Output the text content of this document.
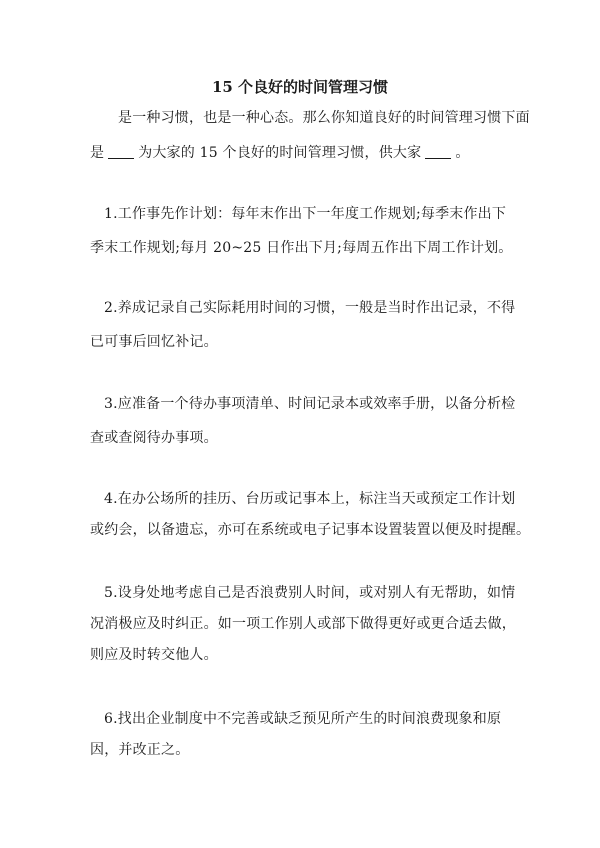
15 个良好的时间管理习惯
是一种习惯，也是一种心态。那么你知道良好的时间管理习惯下面
是 为大家的 15 个良好的时间管理习惯，供大家 。
1.工作事先作计划：每年末作出下一年度工作规划;每季末作出下
季末工作规划;每月 20~25 日作出下月;每周五作出下周工作计划。
2.养成记录自己实际耗用时间的习惯，一般是当时作出记录，不得
已可事后回忆补记。
3.应准备一个待办事项清单、时间记录本或效率手册，以备分析检
查或查阅待办事项。
4.在办公场所的挂历、台历或记事本上，标注当天或预定工作计划
或约会，以备遗忘，亦可在系统或电子记事本设置装置以便及时提醒。
5.设身处地考虑自己是否浪费别人时间，或对别人有无帮助，如情
况消极应及时纠正。如一项工作别人或部下做得更好或更合适去做，
则应及时转交他人。
6.找出企业制度中不完善或缺乏预见所产生的时间浪费现象和原
因，并改正之。
